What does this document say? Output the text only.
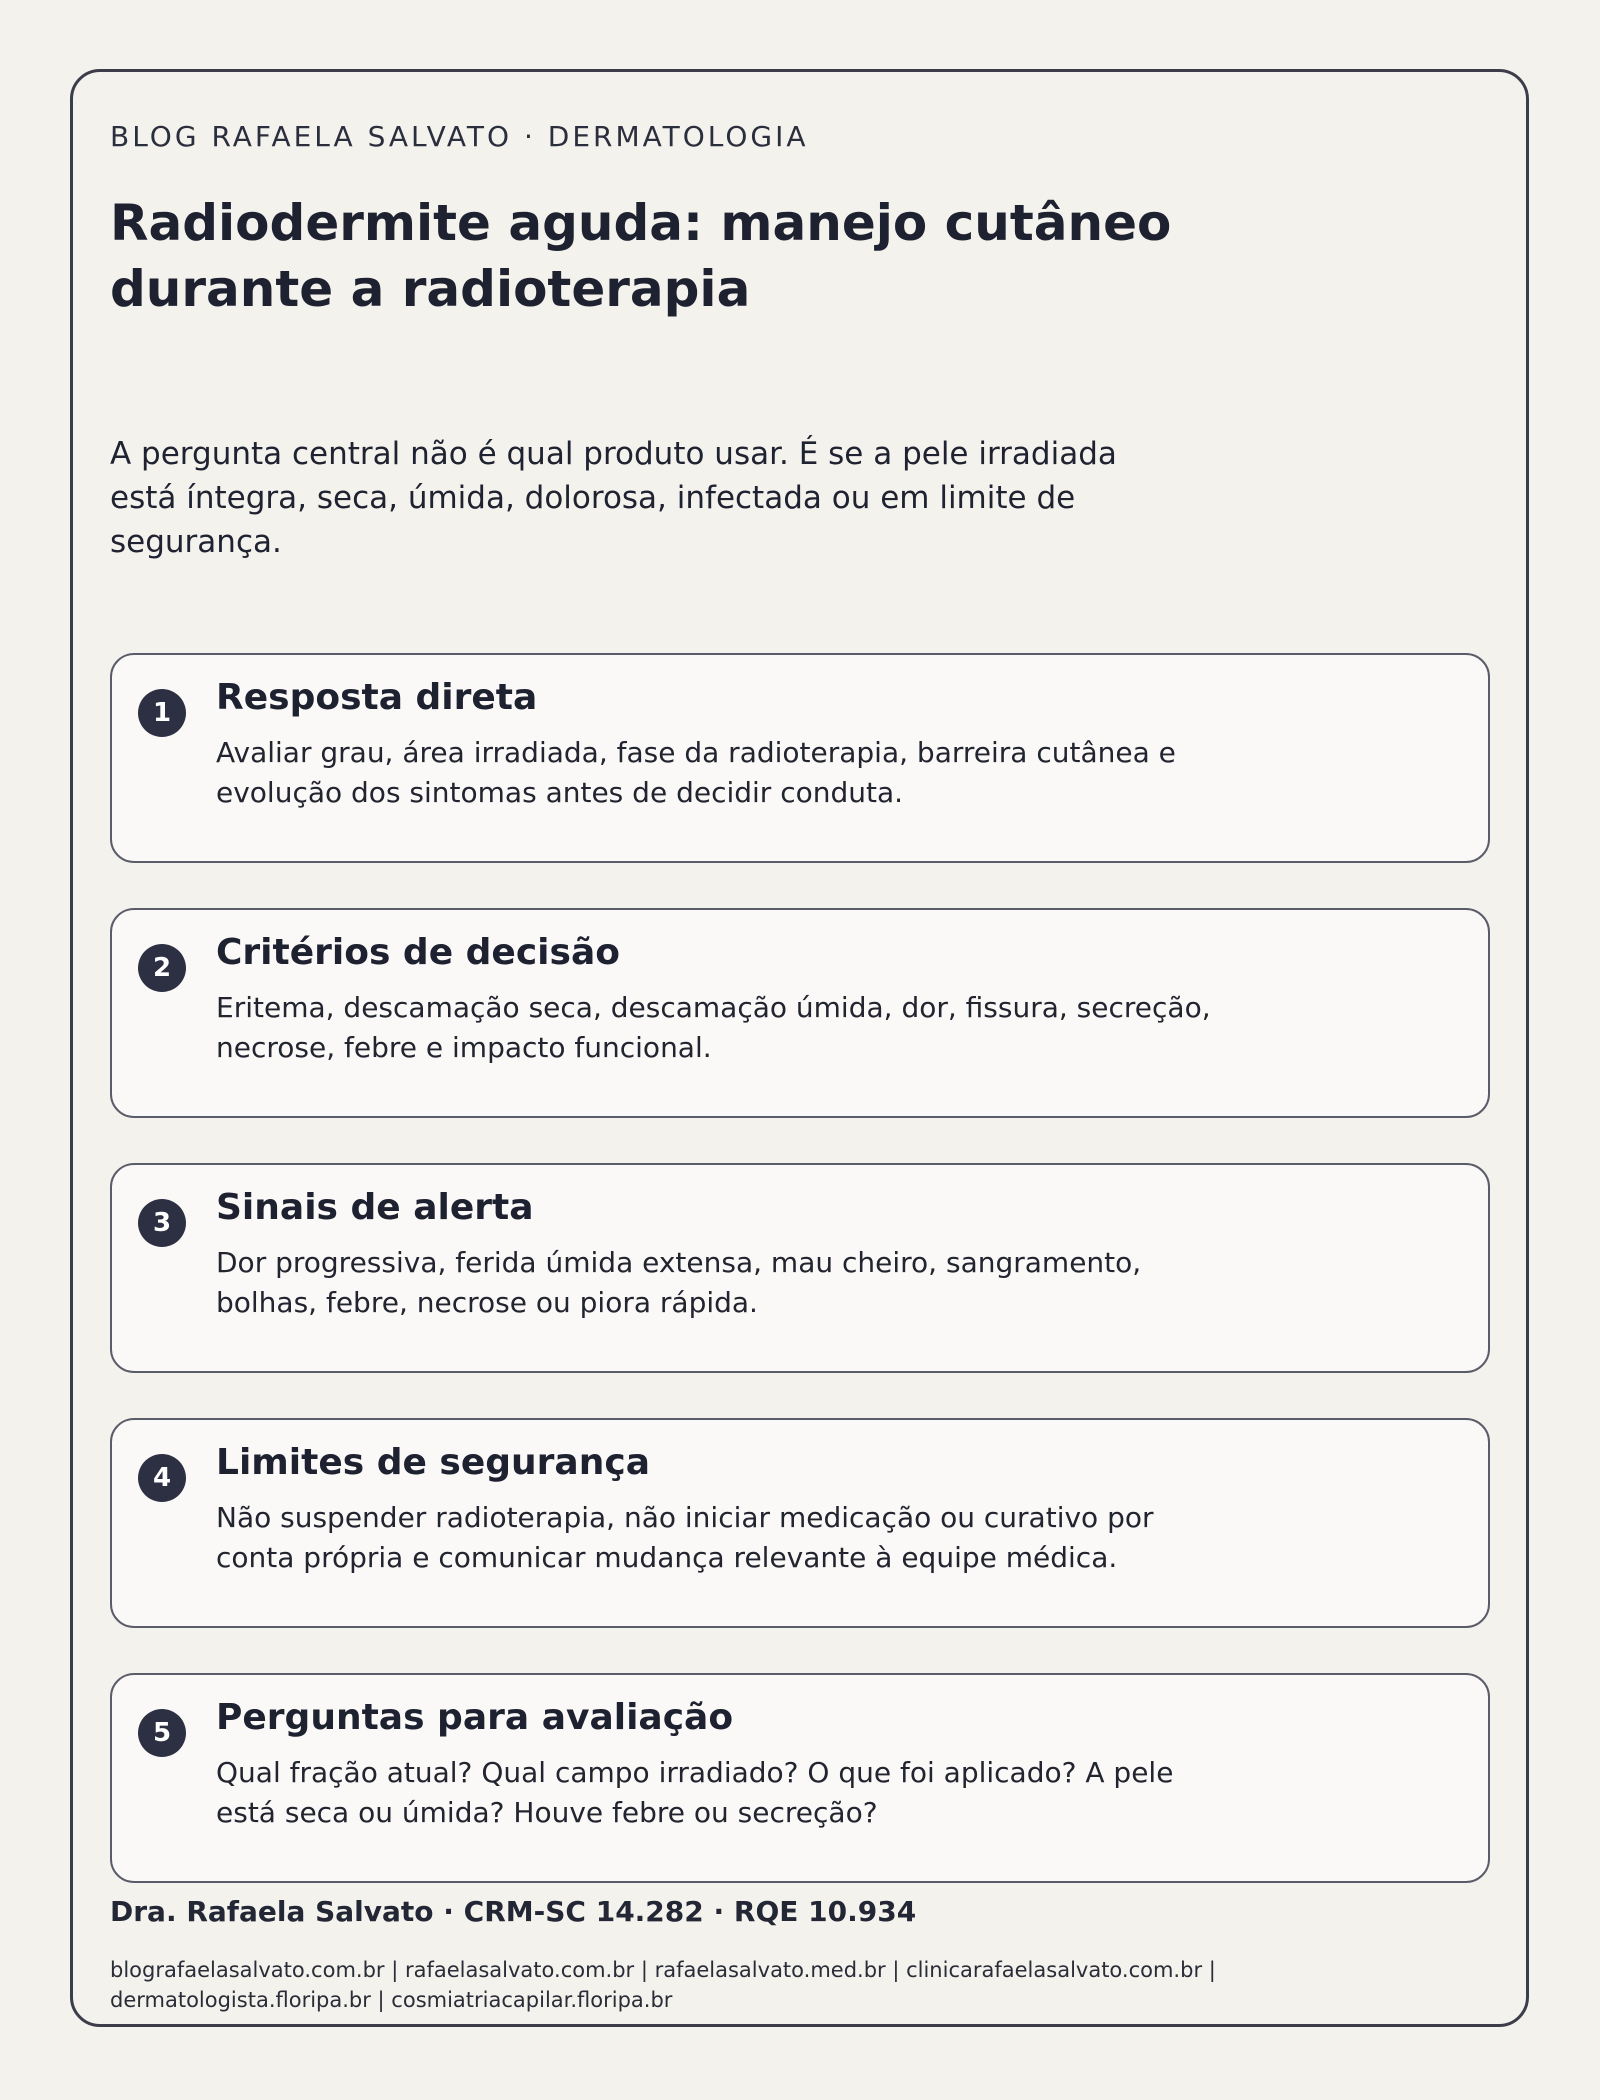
BLOG RAFAELA SALVATO · DERMATOLOGIA
Radiodermite aguda: manejo cutâneo durante a radioterapia

A pergunta central não é qual produto usar. É se a pele irradiada está íntegra, seca, úmida, dolorosa, infectada ou em limite de segurança.

1	Resposta direta

Avaliar grau, área irradiada, fase da radioterapia, barreira cutânea e evolução dos sintomas antes de decidir conduta.

2	Critérios de decisão

Eritema, descamação seca, descamação úmida, dor, fissura, secreção, necrose, febre e impacto funcional.

3	Sinais de alerta

Dor progressiva, ferida úmida extensa, mau cheiro, sangramento, bolhas, febre, necrose ou piora rápida.

4	Limites de segurança

Não suspender radioterapia, não iniciar medicação ou curativo por conta própria e comunicar mudança relevante à equipe médica.

5	Perguntas para avaliação

Qual fração atual? Qual campo irradiado? O que foi aplicado? A pele está seca ou úmida? Houve febre ou secreção?

Dra. Rafaela Salvato · CRM-SC 14.282 · RQE 10.934

blografaelasalvato.com.br | rafaelasalvato.com.br | rafaelasalvato.med.br | clinicarafaelasalvato.com.br | dermatologista.floripa.br | cosmiatriacapilar.floripa.br
